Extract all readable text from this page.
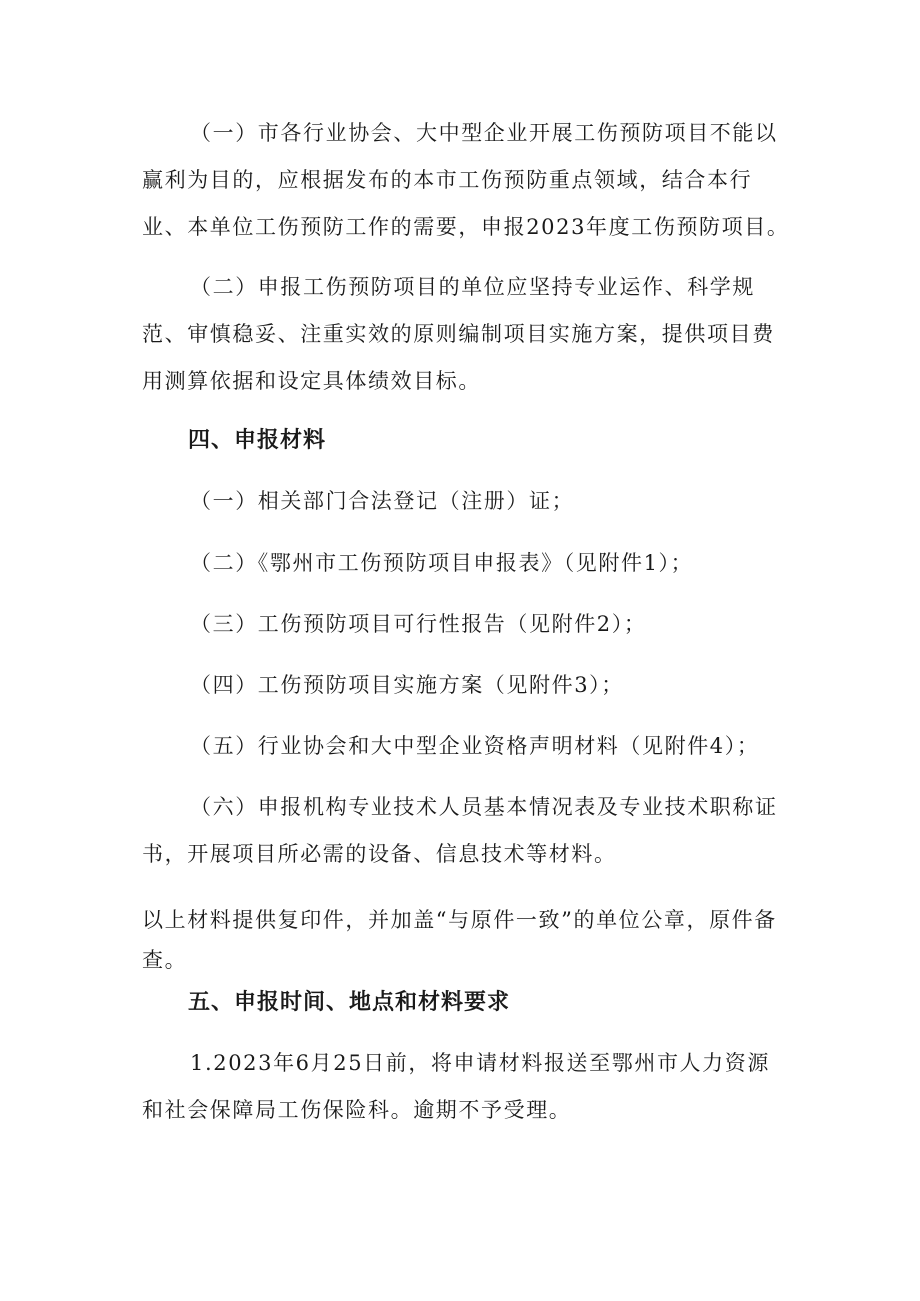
（一）市各行业协会、大中型企业开展工伤预防项目不能以赢利为目的，应根据发布的本市工伤预防重点领域，结合本行业、本单位工伤预防工作的需要，申报2023年度工伤预防项目。

（二）申报工伤预防项目的单位应坚持专业运作、科学规范、审慎稳妥、注重实效的原则编制项目实施方案，提供项目费用测算依据和设定具体绩效目标。

四、申报材料

（一）相关部门合法登记（注册）证；

（二）《鄂州市工伤预防项目申报表》（见附件1）；

（三）工伤预防项目可行性报告（见附件2）；

（四）工伤预防项目实施方案（见附件3）；

（五）行业协会和大中型企业资格声明材料（见附件4）；

（六）申报机构专业技术人员基本情况表及专业技术职称证书，开展项目所必需的设备、信息技术等材料。

以上材料提供复印件，并加盖“与原件一致”的单位公章，原件备查。

五、申报时间、地点和材料要求

1.2023年6月25日前，将申请材料报送至鄂州市人力资源和社会保障局工伤保险科。逾期不予受理。
